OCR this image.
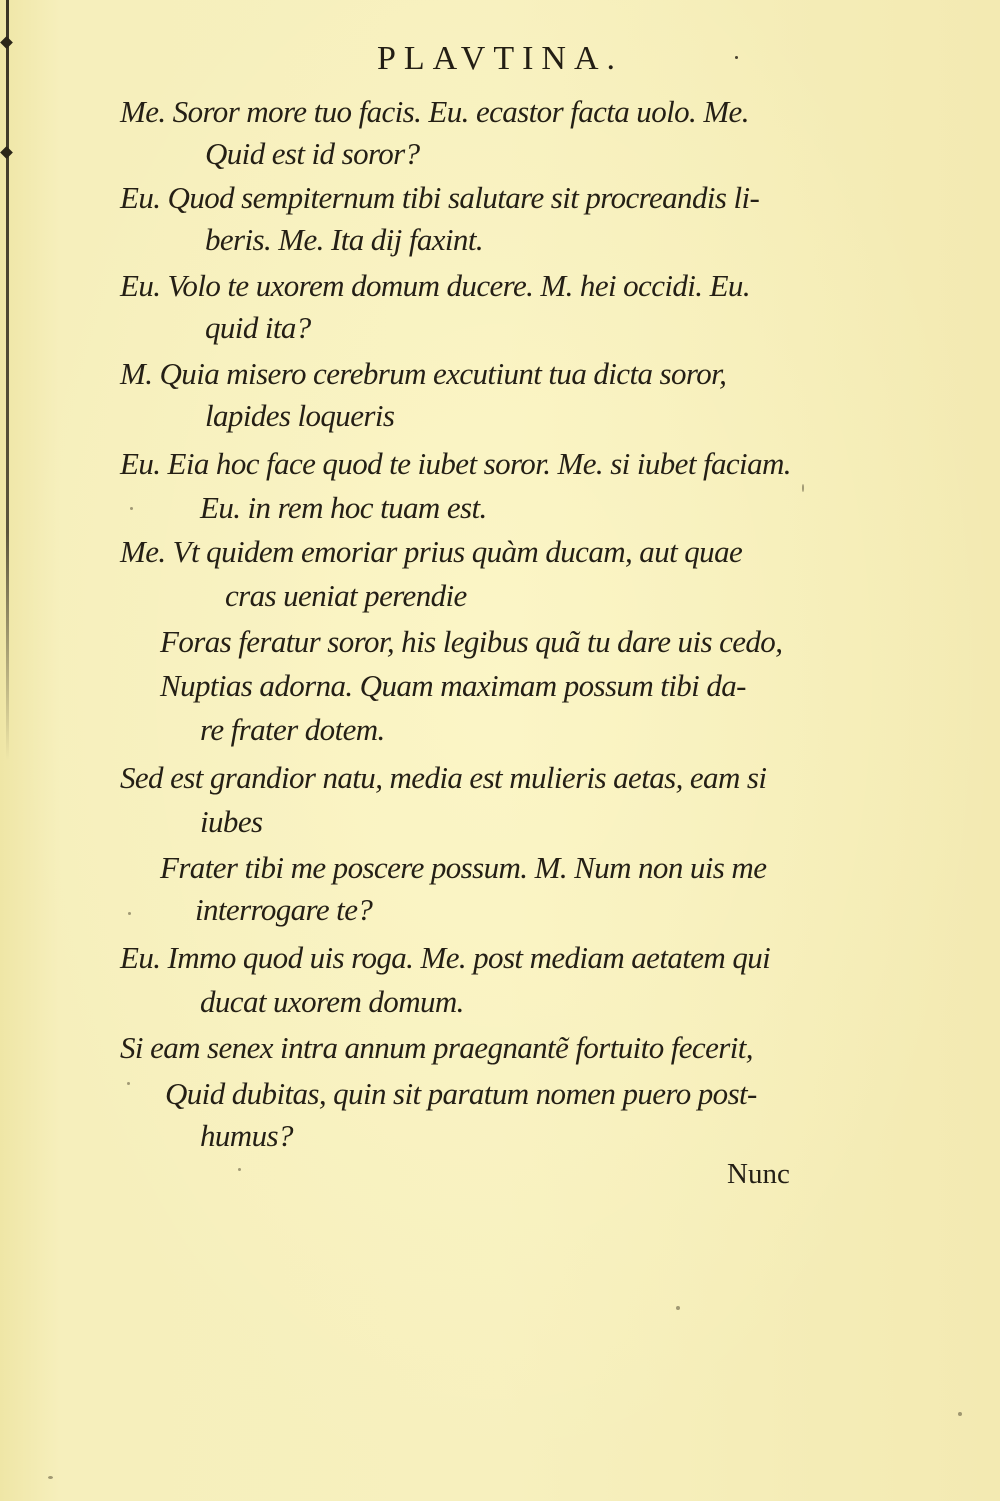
PLAVTINA.
Me. Soror more tuo facis. Eu. ecastor facta uolo. Me.
Quid est id soror?
Eu. Quod sempiternum tibi salutare sit procreandis li-
beris. Me. Ita dij faxint.
Eu. Volo te uxorem domum ducere. M. hei occidi. Eu.
quid ita?
M. Quia misero cerebrum excutiunt tua dicta soror,
lapides loqueris
Eu. Eia hoc face quod te iubet soror. Me. si iubet faciam.
Eu. in rem hoc tuam est.
Me. Vt quidem emoriar prius quàm ducam, aut quae
cras ueniat perendie
Foras feratur soror, his legibus quã tu dare uis cedo,
Nuptias adorna. Quam maximam possum tibi da-
re frater dotem.
Sed est grandior natu, media est mulieris aetas, eam si
iubes
Frater tibi me poscere possum. M. Num non uis me
interrogare te?
Eu. Immo quod uis roga. Me. post mediam aetatem qui
ducat uxorem domum.
Si eam senex intra annum praegnantẽ fortuito fecerit,
Quid dubitas, quin sit paratum nomen puero post-
humus?
Nunc
